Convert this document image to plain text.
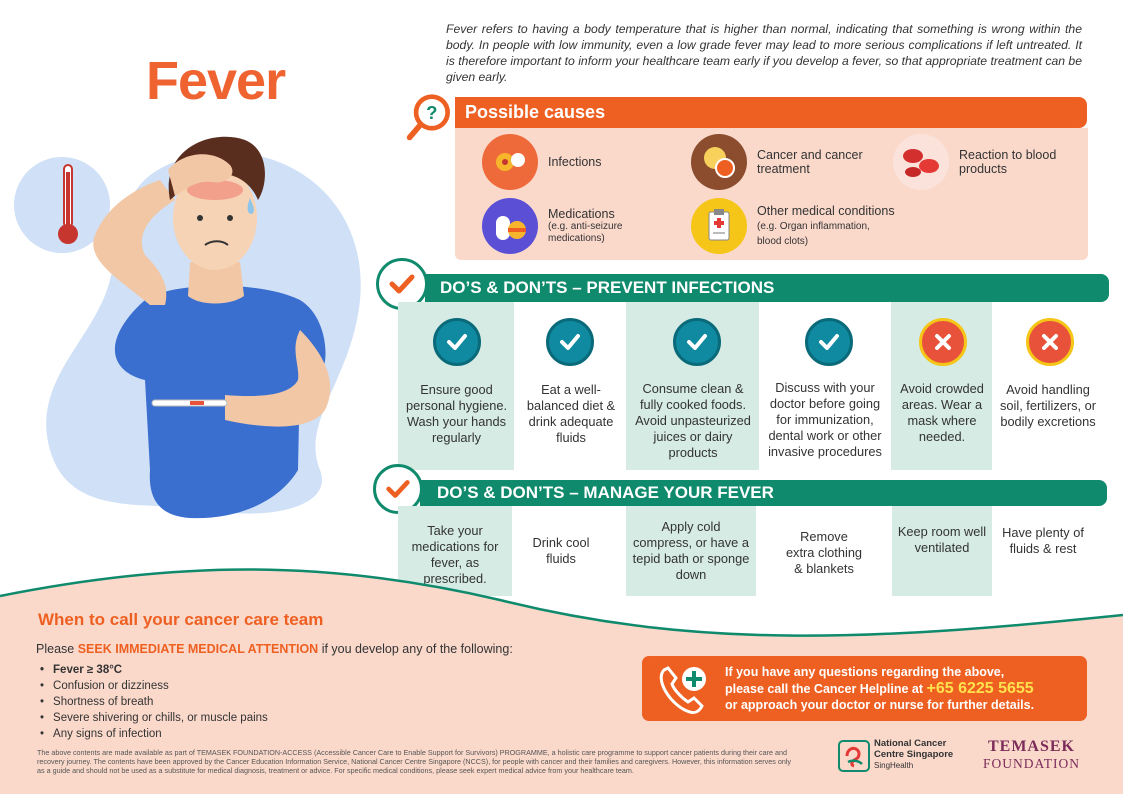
Fever

Fever refers to having a body temperature that is higher than normal, indicating that something is wrong within the body. In people with low immunity, even a low grade fever may lead to more serious complications if left untreated. It is therefore important to inform your healthcare team early if you develop a fever, so that appropriate treatment can be given early.

?	Possible causes
Infections	Cancer and cancer treatment
Reaction to blood products
Medications
(e.g. anti-seizure medications)
Other medical conditions (e.g. Organ inflammation, blood clots)
DO’S & DON’TS – PREVENT INFECTIONS
Ensure good personal hygiene. Wash your hands regularly
Eat a well-balanced diet & drink adequate fluids
Consume clean & fully cooked foods. Avoid unpasteurized juices or dairy products
Discuss with your doctor before going for immunization, dental work or other invasive procedures
Avoid crowded areas. Wear a mask where needed.
Avoid handling soil, fertilizers, or bodily excretions
DO’S & DON’TS – MANAGE YOUR FEVER
Take your medications for fever, as prescribed.
Drink cool fluids
Apply cold compress, or have a tepid bath or sponge down
Remove extra clothing & blankets
Keep room well ventilated
Have plenty of fluids & rest
When to call your cancer care team
Please SEEK IMMEDIATE MEDICAL ATTENTION if you develop any of the following:
• Fever ≥ 38°C
• Confusion or dizziness
• Shortness of breath
• Severe shivering or chills, or muscle pains
• Any signs of infection
If you have any questions regarding the above,
please call the Cancer Helpline at +65 6225 5655
or approach your doctor or nurse for further details.

The above contents are made available as part of TEMASEK FOUNDATION-ACCESS (Accessible Cancer Care to Enable Support for Survivors) PROGRAMME, a holistic care programme to support cancer patients during their care and recovery journey. The contents have been approved by the Cancer Education Information Service, National Cancer Centre Singapore (NCCS), for people with cancer and their families and caregivers. However, this information serves only as a guide and should not be used as a substitute for medical diagnosis, treatment or advice. For specific medical conditions, please seek expert medical advice from your healthcare team.

National Cancer
Centre Singapore
SingHealth
TEMASEK
FOUNDATION
